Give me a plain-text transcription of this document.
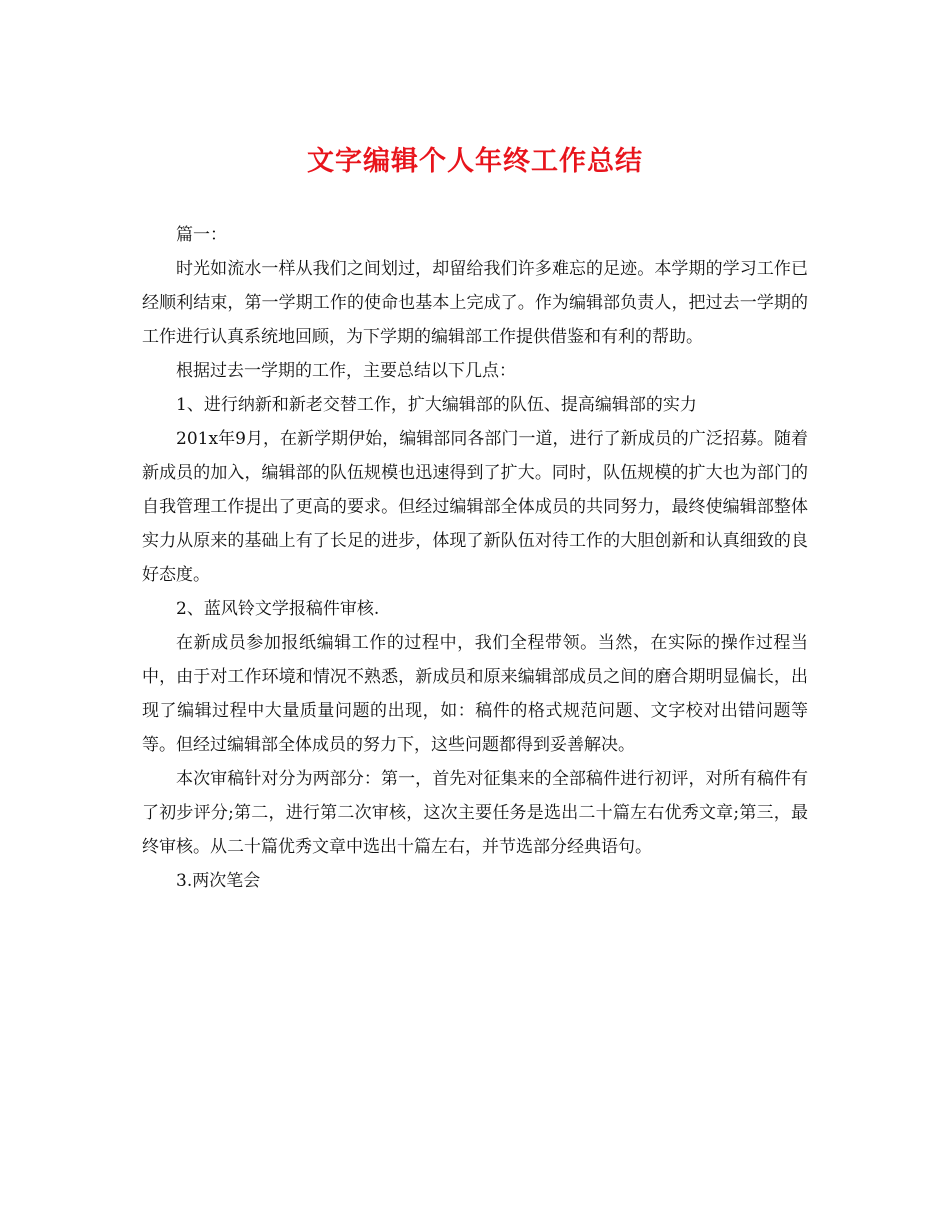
文字编辑个人年终工作总结

篇一：

时光如流水一样从我们之间划过，却留给我们许多难忘的足迹。本学期的学习工作已经顺利结束，第一学期工作的使命也基本上完成了。作为编辑部负责人，把过去一学期的工作进行认真系统地回顾，为下学期的编辑部工作提供借鉴和有利的帮助。

根据过去一学期的工作，主要总结以下几点：

1、进行纳新和新老交替工作，扩大编辑部的队伍、提高编辑部的实力

201x年9月，在新学期伊始，编辑部同各部门一道，进行了新成员的广泛招募。随着新成员的加入，编辑部的队伍规模也迅速得到了扩大。同时，队伍规模的扩大也为部门的自我管理工作提出了更高的要求。但经过编辑部全体成员的共同努力，最终使编辑部整体实力从原来的基础上有了长足的进步，体现了新队伍对待工作的大胆创新和认真细致的良好态度。

2、蓝风铃文学报稿件审核.

在新成员参加报纸编辑工作的过程中，我们全程带领。当然，在实际的操作过程当中，由于对工作环境和情况不熟悉，新成员和原来编辑部成员之间的磨合期明显偏长，出现了编辑过程中大量质量问题的出现，如：稿件的格式规范问题、文字校对出错问题等等。但经过编辑部全体成员的努力下，这些问题都得到妥善解决。

本次审稿针对分为两部分：第一，首先对征集来的全部稿件进行初评，对所有稿件有了初步评分;第二，进行第二次审核，这次主要任务是选出二十篇左右优秀文章;第三，最终审核。从二十篇优秀文章中选出十篇左右，并节选部分经典语句。

3.两次笔会
